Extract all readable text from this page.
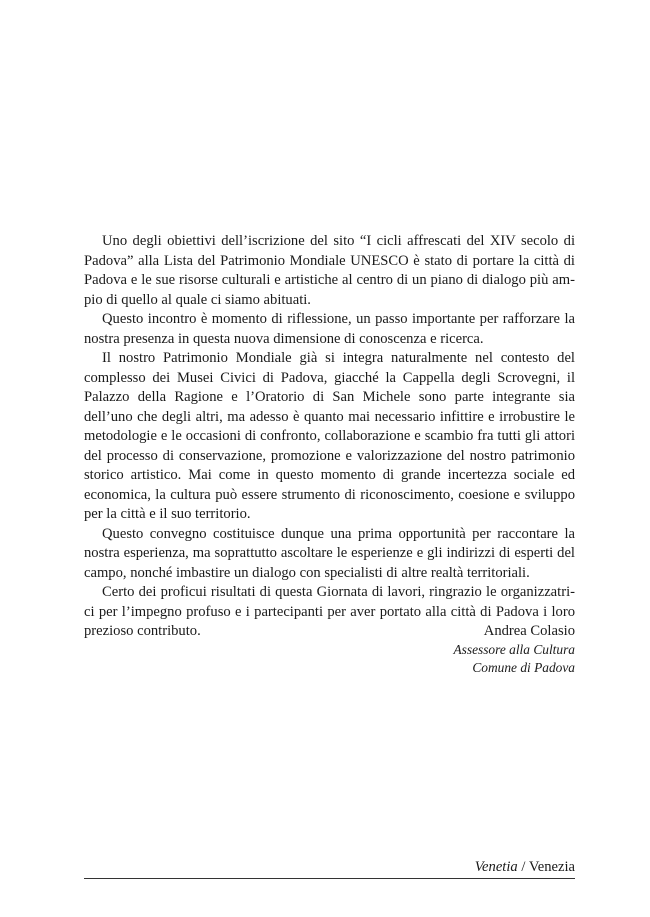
Uno degli obiettivi dell’iscrizione del sito “I cicli affrescati del XIV secolo di Padova” alla Lista del Patrimonio Mondiale UNESCO è stato di portare la città di Padova e le sue risorse culturali e artistiche al centro di un piano di dialogo più ampio di quello al quale ci siamo abituati.

Questo incontro è momento di riflessione, un passo importante per rafforzare la nostra presenza in questa nuova dimensione di conoscenza e ricerca.

Il nostro Patrimonio Mondiale già si integra naturalmente nel contesto del complesso dei Musei Civici di Padova, giacché la Cappella degli Scrovegni, il Palazzo della Ragione e l’Oratorio di San Michele sono parte integrante sia dell’uno che degli altri, ma adesso è quanto mai necessario infittire e irrobustire le metodologie e le occasioni di confronto, collaborazione e scambio fra tutti gli attori del processo di conservazione, promozione e valorizzazione del nostro patrimonio storico artistico. Mai come in questo momento di grande incertezza sociale ed economica, la cultura può essere strumento di riconoscimento, coesione e sviluppo per la città e il suo territorio.

Questo convegno costituisce dunque una prima opportunità per raccontare la nostra esperienza, ma soprattutto ascoltare le esperienze e gli indirizzi di esperti del campo, nonché imbastire un dialogo con specialisti di altre realtà territoriali.

Certo dei proficui risultati di questa Giornata di lavori, ringrazio le organizzatrici per l’impegno profuso e i partecipanti per aver portato alla città di Padova i loro prezioso contributo.	Andrea Colasio
Assessore alla Cultura
Comune di Padova
Venetia / Venezia
